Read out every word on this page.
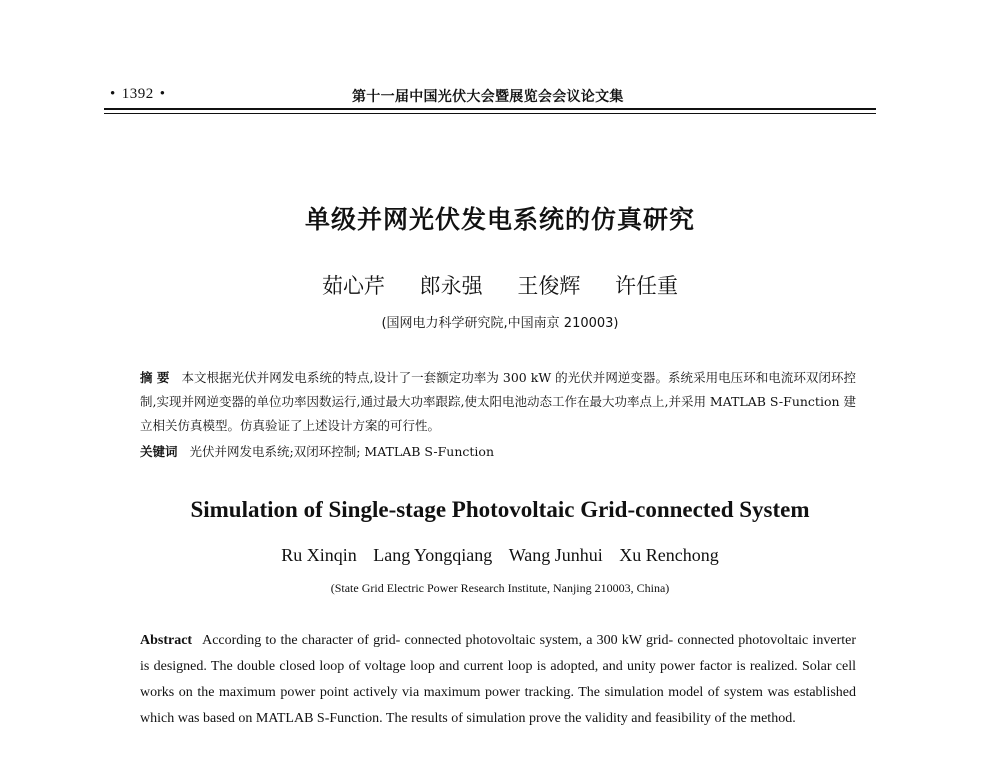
• 1392 •	第十一届中国光伏大会暨展览会会议论文集
单级并网光伏发电系统的仿真研究
茹心芹 郎永强 王俊辉 许任重
(国网电力科学研究院,中国南京 210003)
摘 要 本文根据光伏并网发电系统的特点,设计了一套额定功率为 300 kW 的光伏并网逆变器。系统采用电压环和电流环双闭环控制,实现并网逆变器的单位功率因数运行,通过最大功率跟踪,使太阳电池动态工作在最大功率点上,并采用 MATLAB S-Function 建立相关仿真模型。仿真验证了上述设计方案的可行性。
关键词 光伏并网发电系统;双闭环控制; MATLAB S-Function
Simulation of Single-stage Photovoltaic Grid-connected System
Ru Xinqin Lang Yongqiang Wang Junhui Xu Renchong
(State Grid Electric Power Research Institute, Nanjing 210003, China)
Abstract According to the character of grid- connected photovoltaic system, a 300 kW grid- connected photovoltaic inverter is designed. The double closed loop of voltage loop and current loop is adopted, and unity power factor is realized. Solar cell works on the maximum power point actively via maximum power tracking. The simulation model of system was established which was based on MATLAB S-Function. The results of simulation prove the validity and feasibility of the method.
